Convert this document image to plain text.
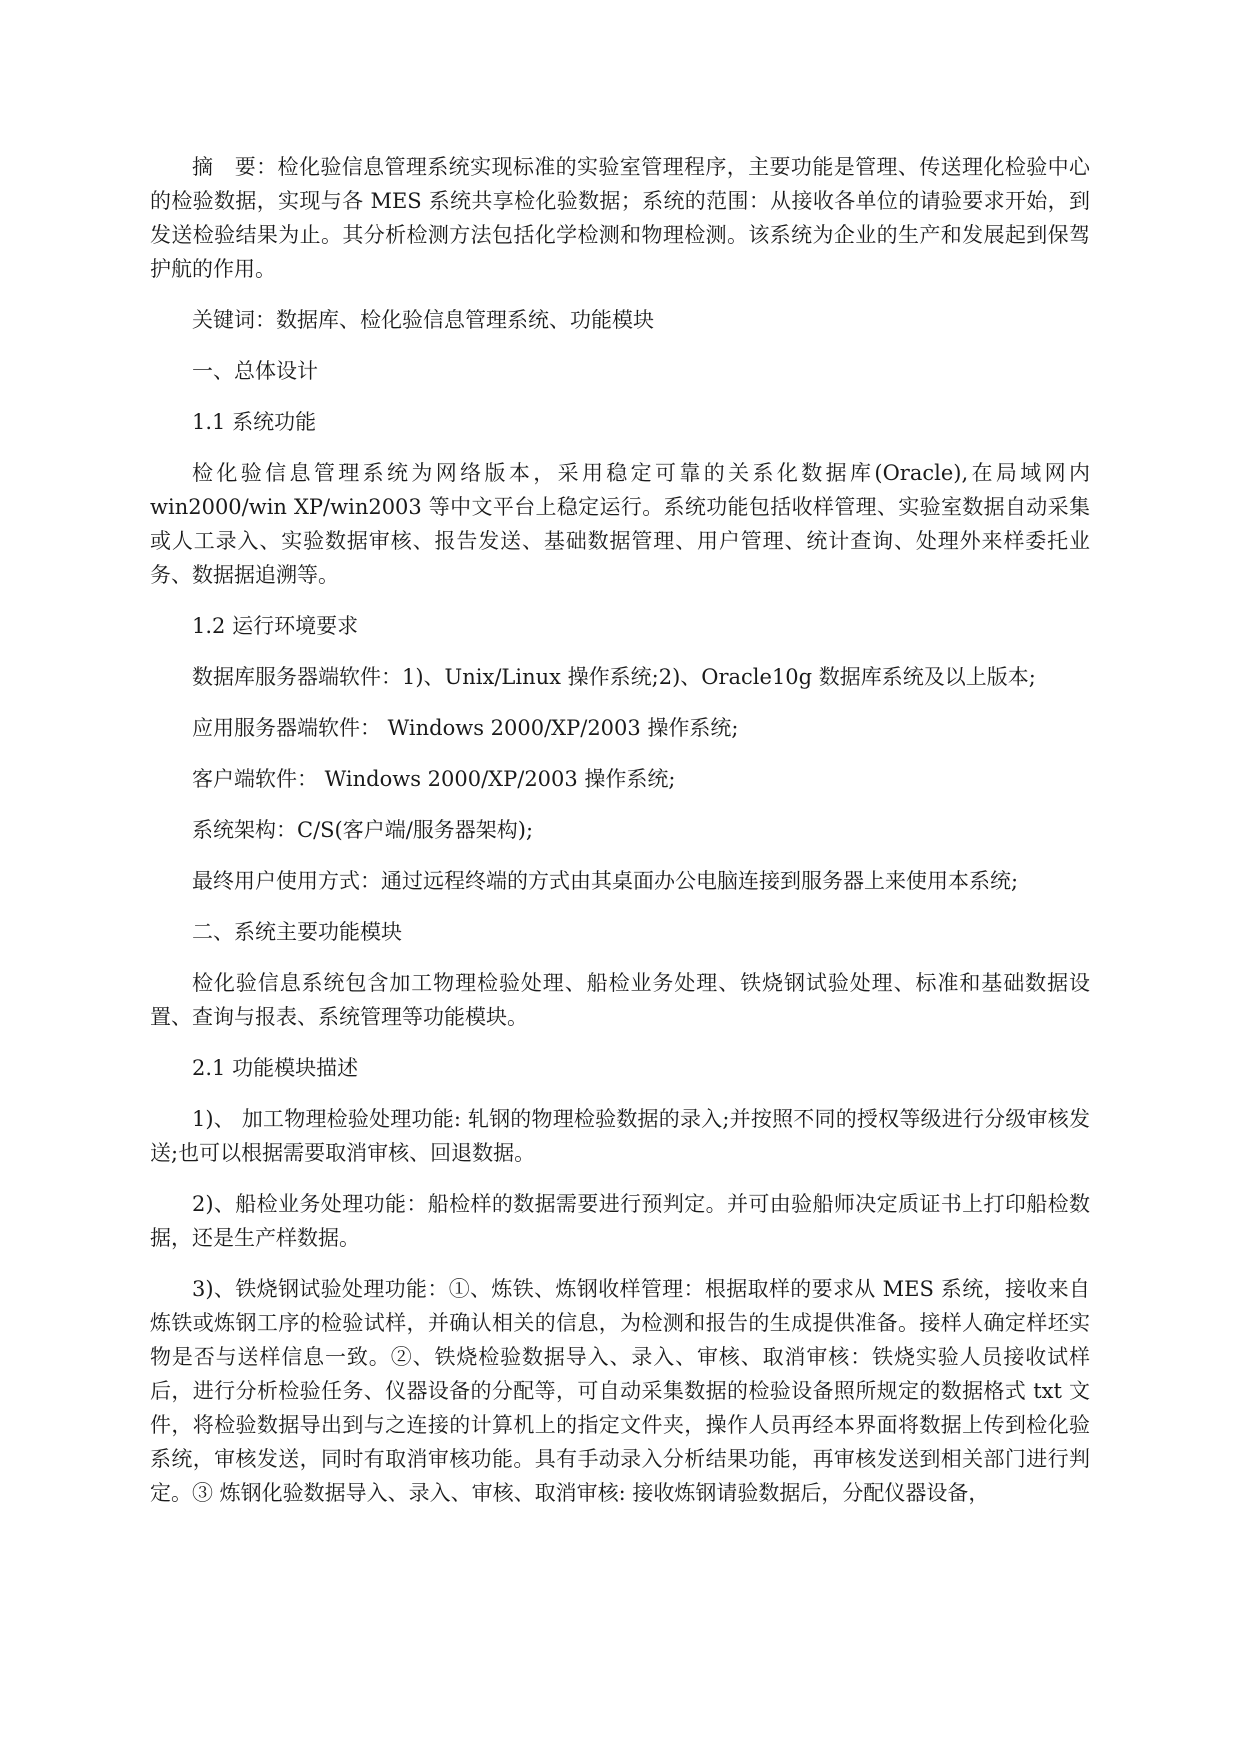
摘　要：检化验信息管理系统实现标准的实验室管理程序，主要功能是管理、传送理化检验中心的检验数据，实现与各 MES 系统共享检化验数据；系统的范围：从接收各单位的请验要求开始，到发送检验结果为止。其分析检测方法包括化学检测和物理检测。该系统为企业的生产和发展起到保驾护航的作用。

关键词：数据库、检化验信息管理系统、功能模块

一、总体设计

1.1 系统功能

检化验信息管理系统为网络版本，采用稳定可靠的关系化数据库(Oracle),在局域网内win2000/win XP/win2003 等中文平台上稳定运行。系统功能包括收样管理、实验室数据自动采集或人工录入、实验数据审核、报告发送、基础数据管理、用户管理、统计查询、处理外来样委托业务、数据据追溯等。

1.2 运行环境要求

数据库服务器端软件：1)、Unix/Linux 操作系统;2)、Oracle10g 数据库系统及以上版本;

应用服务器端软件： Windows 2000/XP/2003 操作系统;

客户端软件： Windows 2000/XP/2003 操作系统;

系统架构：C/S(客户端/服务器架构);

最终用户使用方式：通过远程终端的方式由其桌面办公电脑连接到服务器上来使用本系统;

二、系统主要功能模块

检化验信息系统包含加工物理检验处理、船检业务处理、铁烧钢试验处理、标准和基础数据设置、查询与报表、系统管理等功能模块。

2.1 功能模块描述

1)、 加工物理检验处理功能: 轧钢的物理检验数据的录入;并按照不同的授权等级进行分级审核发送;也可以根据需要取消审核、回退数据。

2)、船检业务处理功能：船检样的数据需要进行预判定。并可由验船师决定质证书上打印船检数据，还是生产样数据。

3)、铁烧钢试验处理功能：①、炼铁、炼钢收样管理：根据取样的要求从 MES 系统，接收来自炼铁或炼钢工序的检验试样，并确认相关的信息，为检测和报告的生成提供准备。接样人确定样坯实物是否与送样信息一致。②、铁烧检验数据导入、录入、审核、取消审核：铁烧实验人员接收试样后，进行分析检验任务、仪器设备的分配等，可自动采集数据的检验设备照所规定的数据格式 txt 文件，将检验数据导出到与之连接的计算机上的指定文件夹，操作人员再经本界面将数据上传到检化验系统，审核发送，同时有取消审核功能。具有手动录入分析结果功能，再审核发送到相关部门进行判定。③ 炼钢化验数据导入、录入、审核、取消审核: 接收炼钢请验数据后，分配仪器设备，
